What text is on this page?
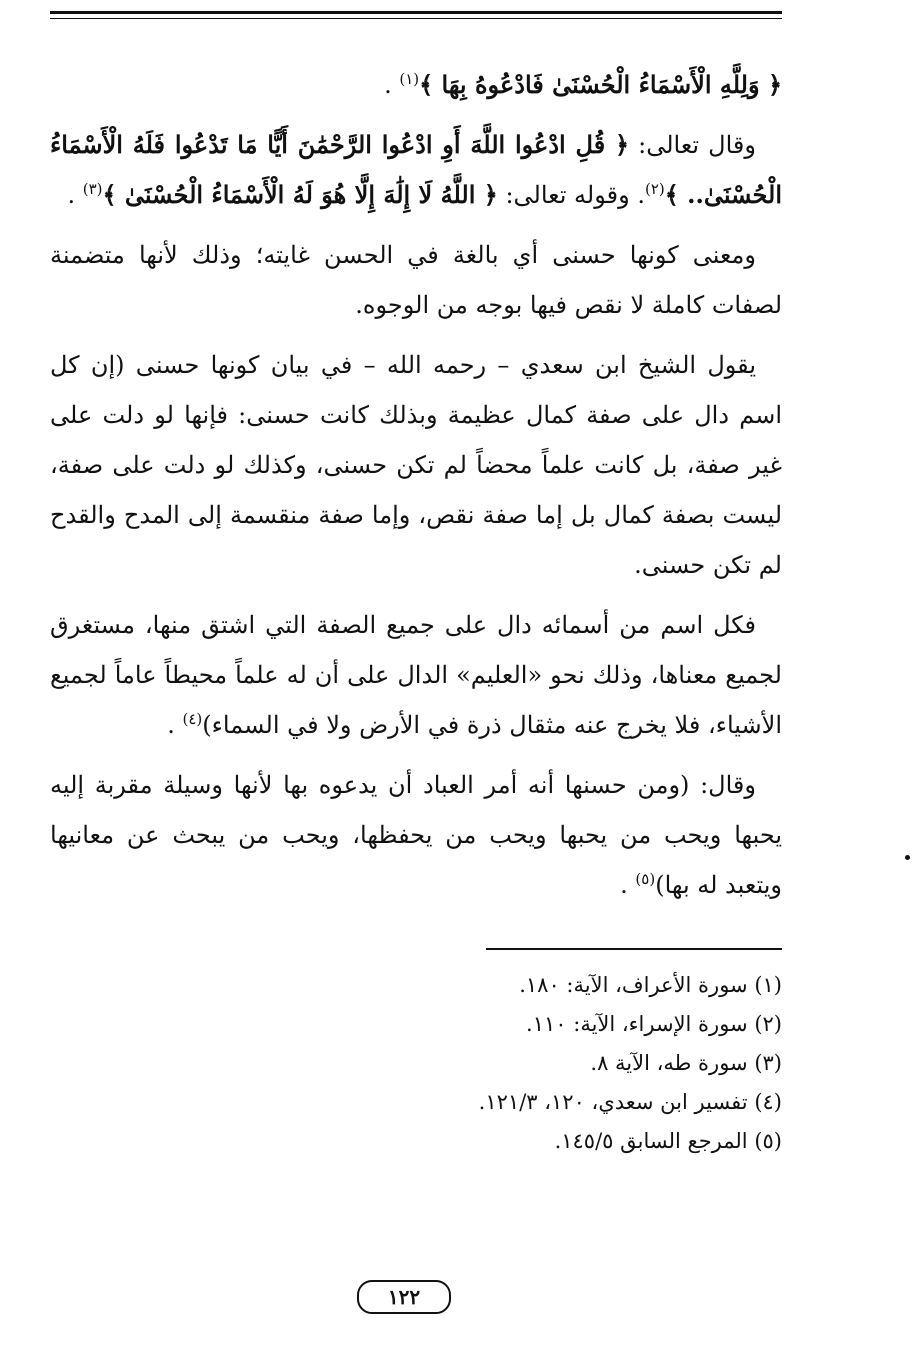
﴿ وَلِلَّهِ الْأَسْمَاءُ الْحُسْنَىٰ فَادْعُوهُ بِهَا ﴾$^{(١)}$ .

وقال تعالى: ﴿ قُلِ ادْعُوا اللَّهَ أَوِ ادْعُوا الرَّحْمَٰنَ أَيًّا مَا تَدْعُوا فَلَهُ الْأَسْمَاءُ الْحُسْنَىٰ.. ﴾$^{(٢)}$. وقوله تعالى: ﴿ اللَّهُ لَا إِلَٰهَ إِلَّا هُوَ لَهُ الْأَسْمَاءُ الْحُسْنَىٰ ﴾$^{(٣)}$ .

ومعنى كونها حسنى أي بالغة في الحسن غايته؛ وذلك لأنها متضمنة لصفات كاملة لا نقص فيها بوجه من الوجوه.

يقول الشيخ ابن سعدي – رحمه الله – في بيان كونها حسنى (إن كل اسم دال على صفة كمال عظيمة وبذلك كانت حسنى: فإنها لو دلت على غير صفة، بل كانت علماً محضاً لم تكن حسنى، وكذلك لو دلت على صفة، ليست بصفة كمال بل إما صفة نقص، وإما صفة منقسمة إلى المدح والقدح لم تكن حسنى.

فكل اسم من أسمائه دال على جميع الصفة التي اشتق منها، مستغرق لجميع معناها، وذلك نحو «العليم» الدال على أن له علماً محيطاً عاماً لجميع الأشياء، فلا يخرج عنه مثقال ذرة في الأرض ولا في السماء)$^{(٤)}$ .

وقال: (ومن حسنها أنه أمر العباد أن يدعوه بها لأنها وسيلة مقربة إليه يحبها ويحب من يحبها ويحب من يحفظها، ويحب من يبحث عن معانيها ويتعبد له بها)$^{(٥)}$ .

(١) سورة الأعراف، الآية: ١٨٠.
(٢) سورة الإسراء، الآية: ١١٠.
(٣) سورة طه، الآية ٨.
(٤) تفسير ابن سعدي، ١٢٠، ١٢١/٣.
(٥) المرجع السابق ١٤٥/٥.
١٢٢
